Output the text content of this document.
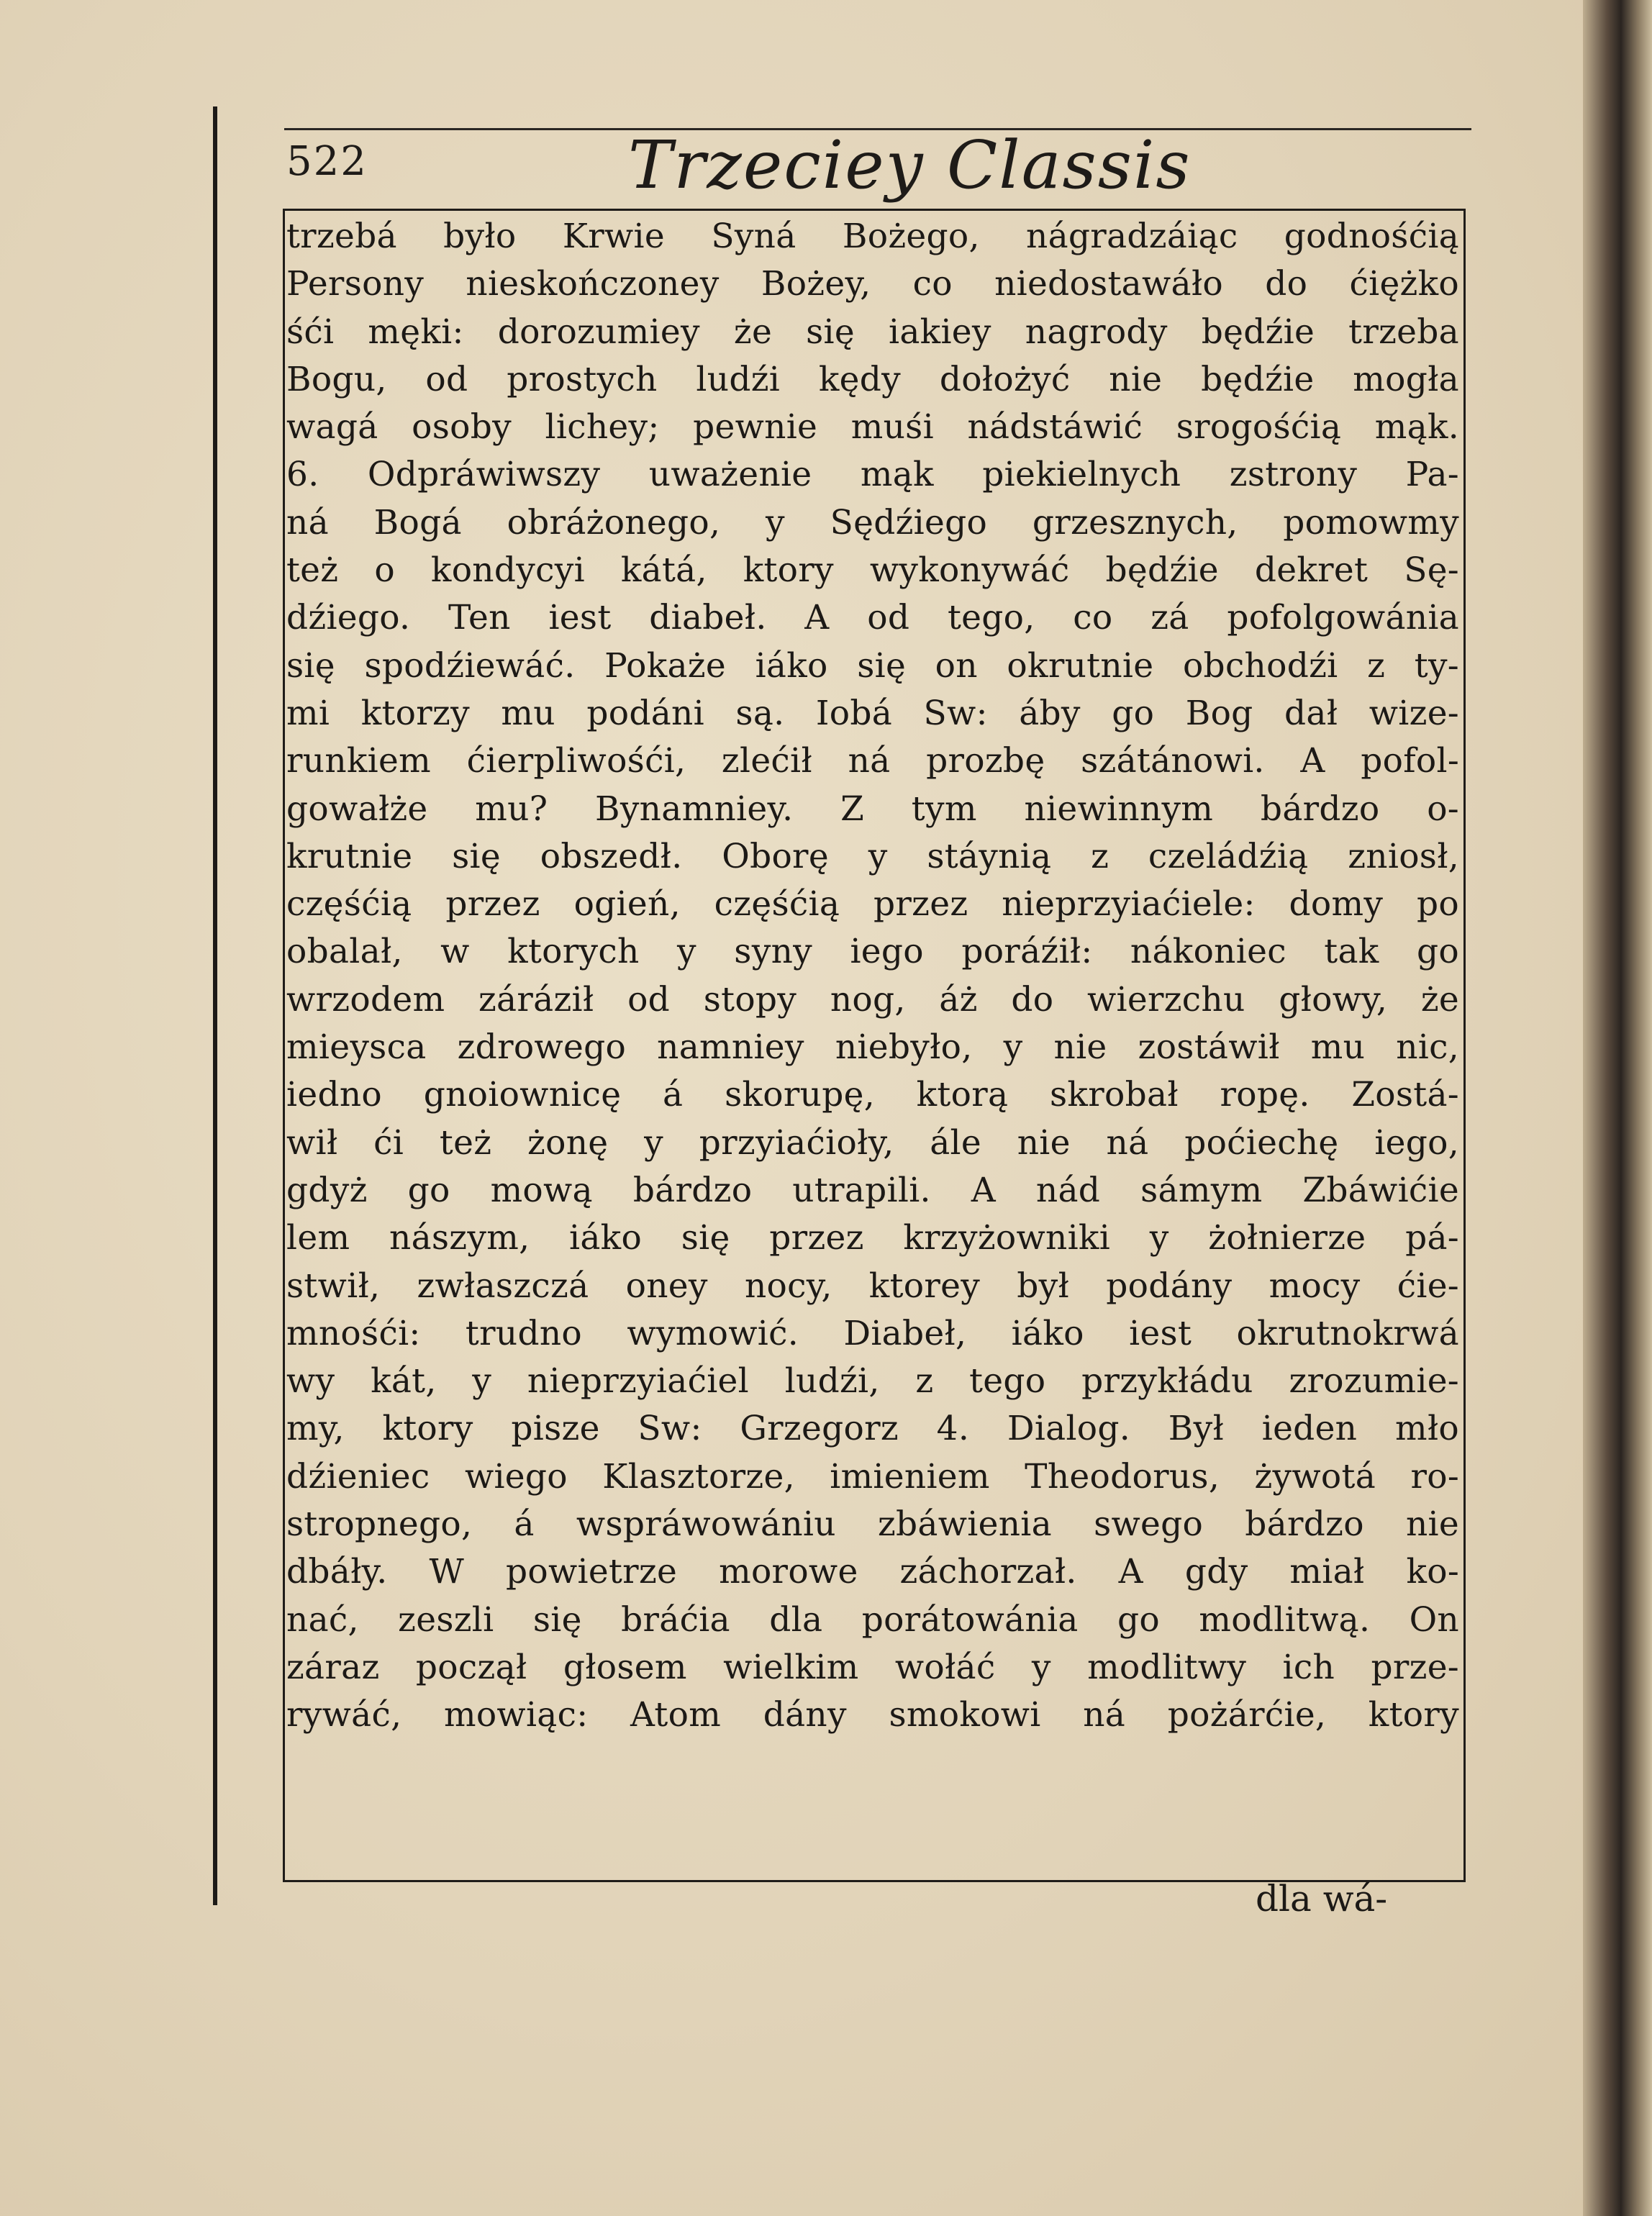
522	Trzeciey Classis
trzebá było Krwie Syná Bożego, nágradzáiąc godnośćią
Persony nieskończoney Bożey, co niedostawáło do ćiężko
śći męki: dorozumiey że się iakiey nagrody będźie trzeba
Bogu, od prostych ludźi kędy dołożyć nie będźie mogła
wagá osoby lichey; pewnie muśi nádstáwić srogośćią mąk.
6. Odpráwiwszy uważenie mąk piekielnych zstrony Pa-
ná Bogá obráżonego, y Sędźiego grzesznych, pomowmy
też o kondycyi kátá, ktory wykonywáć będźie dekret Sę-
dźiego. Ten iest diabeł. A od tego, co zá pofolgowánia
się spodźiewáć. Pokaże iáko się on okrutnie obchodźi z ty-
mi ktorzy mu podáni są. Iobá Sw: áby go Bog dał wize-
runkiem ćierpliwośći, zlećił ná prozbę szátánowi. A pofol-
gowałże mu? Bynamniey. Z tym niewinnym bárdzo o-
krutnie się obszedł. Oborę y stáynią z czeládźią zniosł,
częśćią przez ogień, częśćią przez nieprzyiaćiele: domy po
obalał, w ktorych y syny iego poráźił: nákoniec tak go
wrzodem záráził od stopy nog, áż do wierzchu głowy, że
mieysca zdrowego namniey niebyło, y nie zostáwił mu nic,
iedno gnoiownicę á skorupę, ktorą skrobał ropę. Zostá-
wił ći też żonę y przyiaćioły, ále nie ná poćiechę iego,
gdyż go mową bárdzo utrapili. A nád sámym Zbáwićie
lem nászym, iáko się przez krzyżowniki y żołnierze pá-
stwił, zwłaszczá oney nocy, ktorey był podány mocy ćie-
mnośći: trudno wymowić. Diabeł, iáko iest okrutnokrwá
wy kát, y nieprzyiaćiel ludźi, z tego przykłádu zrozumie-
my, ktory pisze Sw: Grzegorz 4. Dialog. Był ieden mło
dźieniec wiego Klasztorze, imieniem Theodorus, żywotá ro-
stropnego, á wspráwowániu zbáwienia swego bárdzo nie
dbáły. W powietrze morowe záchorzał. A gdy miał ko-
nać, zeszli się bráćia dla porátowánia go modlitwą. On
záraz począł głosem wielkim wołáć y modlitwy ich prze-
rywáć, mowiąc: Atom dány smokowi ná pożárćie, ktory
dla wá-
